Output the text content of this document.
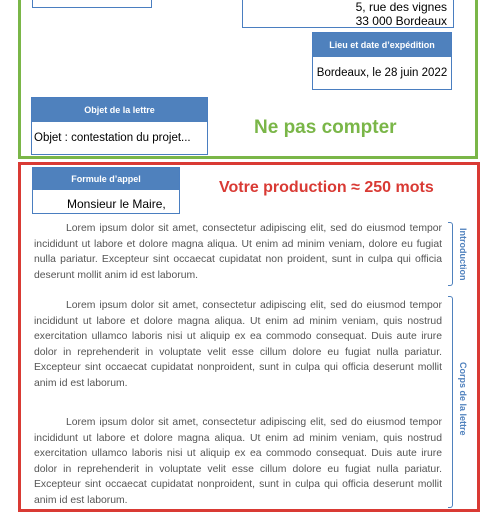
5, rue des vignes
33 000 Bordeaux
Lieu et date d’expédition
Bordeaux, le 28 juin 2022
Objet de la lettre
Objet : contestation du projet...	Ne pas compter
Formule d’appel
Monsieur le Maire,
Votre production ≈ 250 mots

Lorem ipsum dolor sit amet, consectetur adipiscing elit, sed do eiusmod tempor incididunt ut labore et dolore magna aliqua. Ut enim ad minim veniam, dolore eu fugiat nulla pariatur. Excepteur sint occaecat cupidatat non proident, sunt in culpa qui officia deserunt mollit anim id est laborum.

Lorem ipsum dolor sit amet, consectetur adipiscing elit, sed do eiusmod tempor incididunt ut labore et dolore magna aliqua. Ut enim ad minim veniam, quis nostrud exercitation ullamco laboris nisi ut aliquip ex ea commodo consequat. Duis aute irure dolor in reprehenderit in voluptate velit esse cillum dolore eu fugiat nulla pariatur. Excepteur sint occaecat cupidatat nonproident, sunt in culpa qui officia deserunt mollit anim id est laborum.

Lorem ipsum dolor sit amet, consectetur adipiscing elit, sed do eiusmod tempor incididunt ut labore et dolore magna aliqua. Ut enim ad minim veniam, quis nostrud exercitation ullamco laboris nisi ut aliquip ex ea commodo consequat. Duis aute irure dolor in reprehenderit in voluptate velit esse cillum dolore eu fugiat nulla pariatur. Excepteur sint occaecat cupidatat nonproident, sunt in culpa qui officia deserunt mollit anim id est laborum.

Introduction
Corps de la lettre
